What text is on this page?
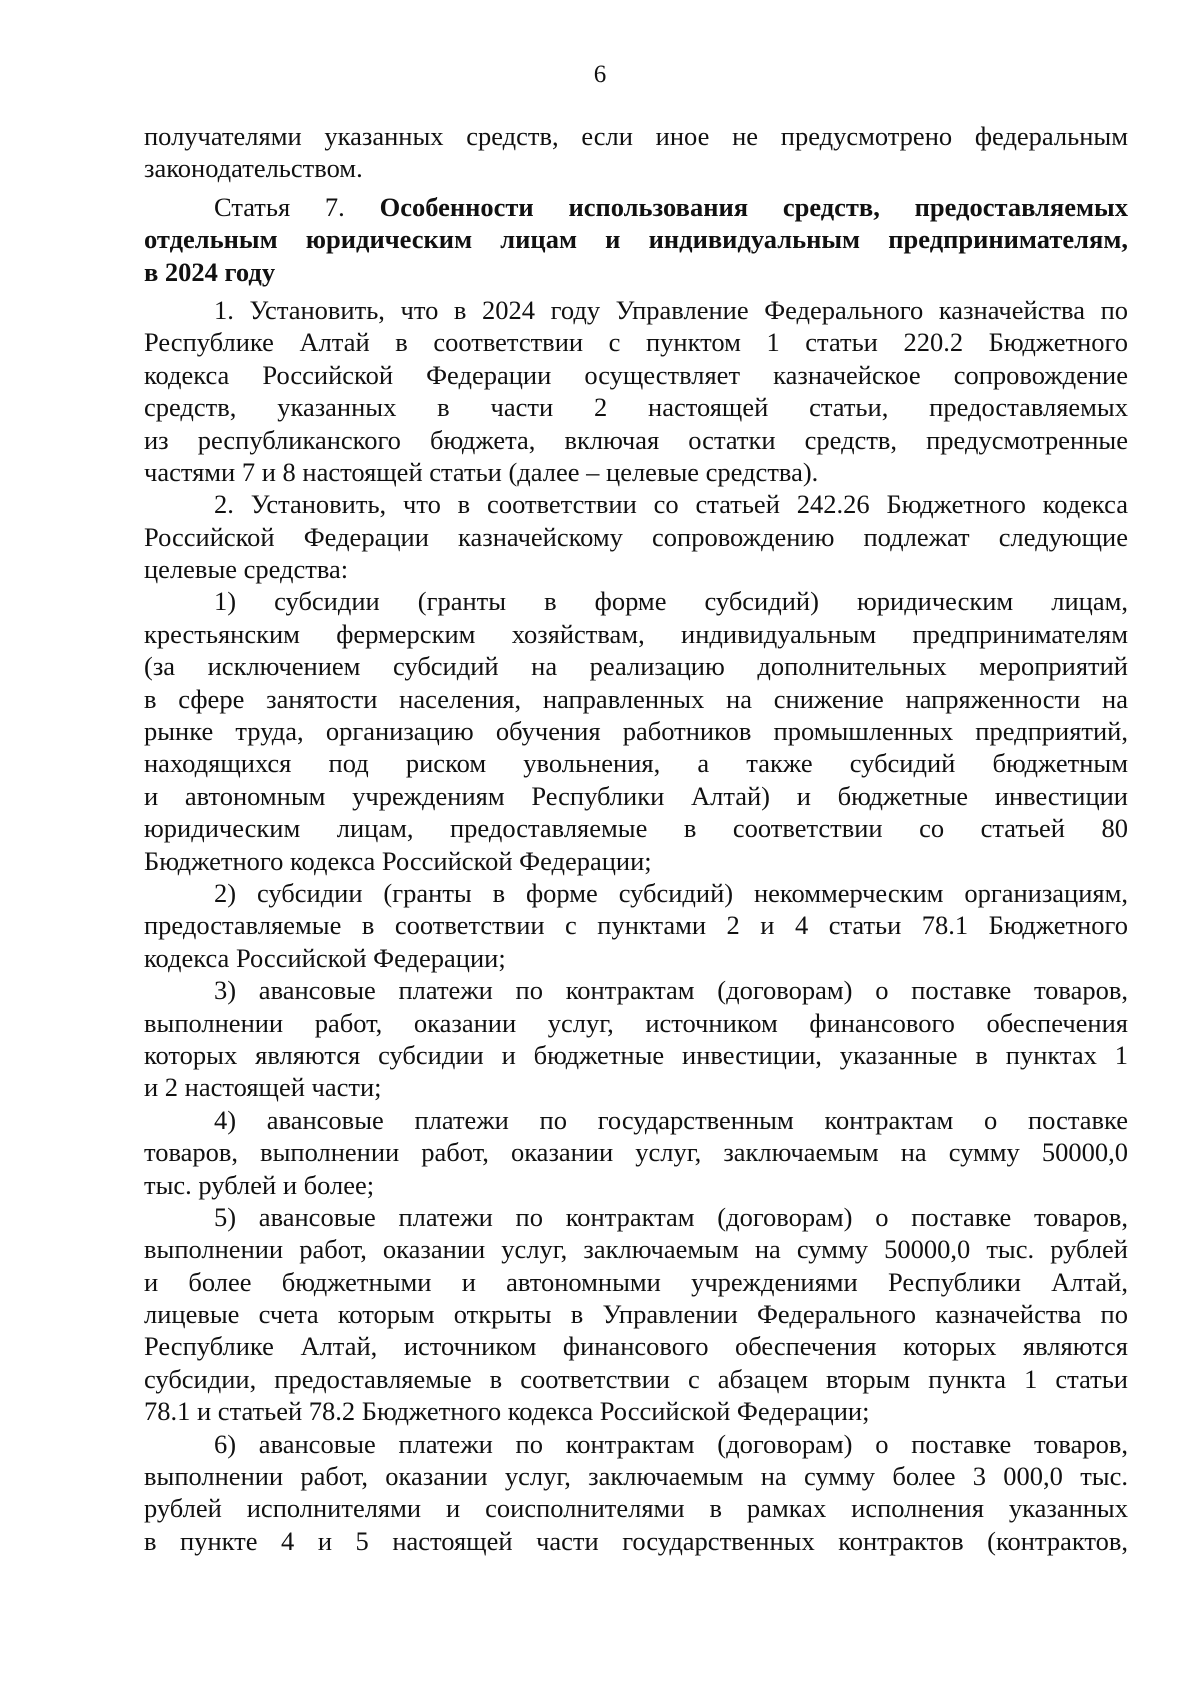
6
получателями указанных средств, если иное не предусмотрено федеральным
законодательством.
Статья 7. Особенности использования средств, предоставляемых
отдельным юридическим лицам и индивидуальным предпринимателям,
в 2024 году
1. Установить, что в 2024 году Управление Федерального казначейства по
Республике Алтай в соответствии с пунктом 1 статьи 220.2 Бюджетного
кодекса Российской Федерации осуществляет казначейское сопровождение
средств, указанных в части 2 настоящей статьи, предоставляемых
из республиканского бюджета, включая остатки средств, предусмотренные
частями 7 и 8 настоящей статьи (далее – целевые средства).
2. Установить, что в соответствии со статьей 242.26 Бюджетного кодекса
Российской Федерации казначейскому сопровождению подлежат следующие
целевые средства:
1) субсидии (гранты в форме субсидий) юридическим лицам,
крестьянским фермерским хозяйствам, индивидуальным предпринимателям
(за исключением субсидий на реализацию дополнительных мероприятий
в сфере занятости населения, направленных на снижение напряженности на
рынке труда, организацию обучения работников промышленных предприятий,
находящихся под риском увольнения, а также субсидий бюджетным
и автономным учреждениям Республики Алтай) и бюджетные инвестиции
юридическим лицам, предоставляемые в соответствии со статьей 80
Бюджетного кодекса Российской Федерации;
2) субсидии (гранты в форме субсидий) некоммерческим организациям,
предоставляемые в соответствии с пунктами 2 и 4 статьи 78.1 Бюджетного
кодекса Российской Федерации;
3) авансовые платежи по контрактам (договорам) о поставке товаров,
выполнении работ, оказании услуг, источником финансового обеспечения
которых являются субсидии и бюджетные инвестиции, указанные в пунктах 1
и 2 настоящей части;
4) авансовые платежи по государственным контрактам о поставке
товаров, выполнении работ, оказании услуг, заключаемым на сумму 50000,0
тыс. рублей и более;
5) авансовые платежи по контрактам (договорам) о поставке товаров,
выполнении работ, оказании услуг, заключаемым на сумму 50000,0 тыс. рублей
и более бюджетными и автономными учреждениями Республики Алтай,
лицевые счета которым открыты в Управлении Федерального казначейства по
Республике Алтай, источником финансового обеспечения которых являются
субсидии, предоставляемые в соответствии с абзацем вторым пункта 1 статьи
78.1 и статьей 78.2 Бюджетного кодекса Российской Федерации;
6) авансовые платежи по контрактам (договорам) о поставке товаров,
выполнении работ, оказании услуг, заключаемым на сумму более 3 000,0 тыс.
рублей исполнителями и соисполнителями в рамках исполнения указанных
в пункте 4 и 5 настоящей части государственных контрактов (контрактов,
